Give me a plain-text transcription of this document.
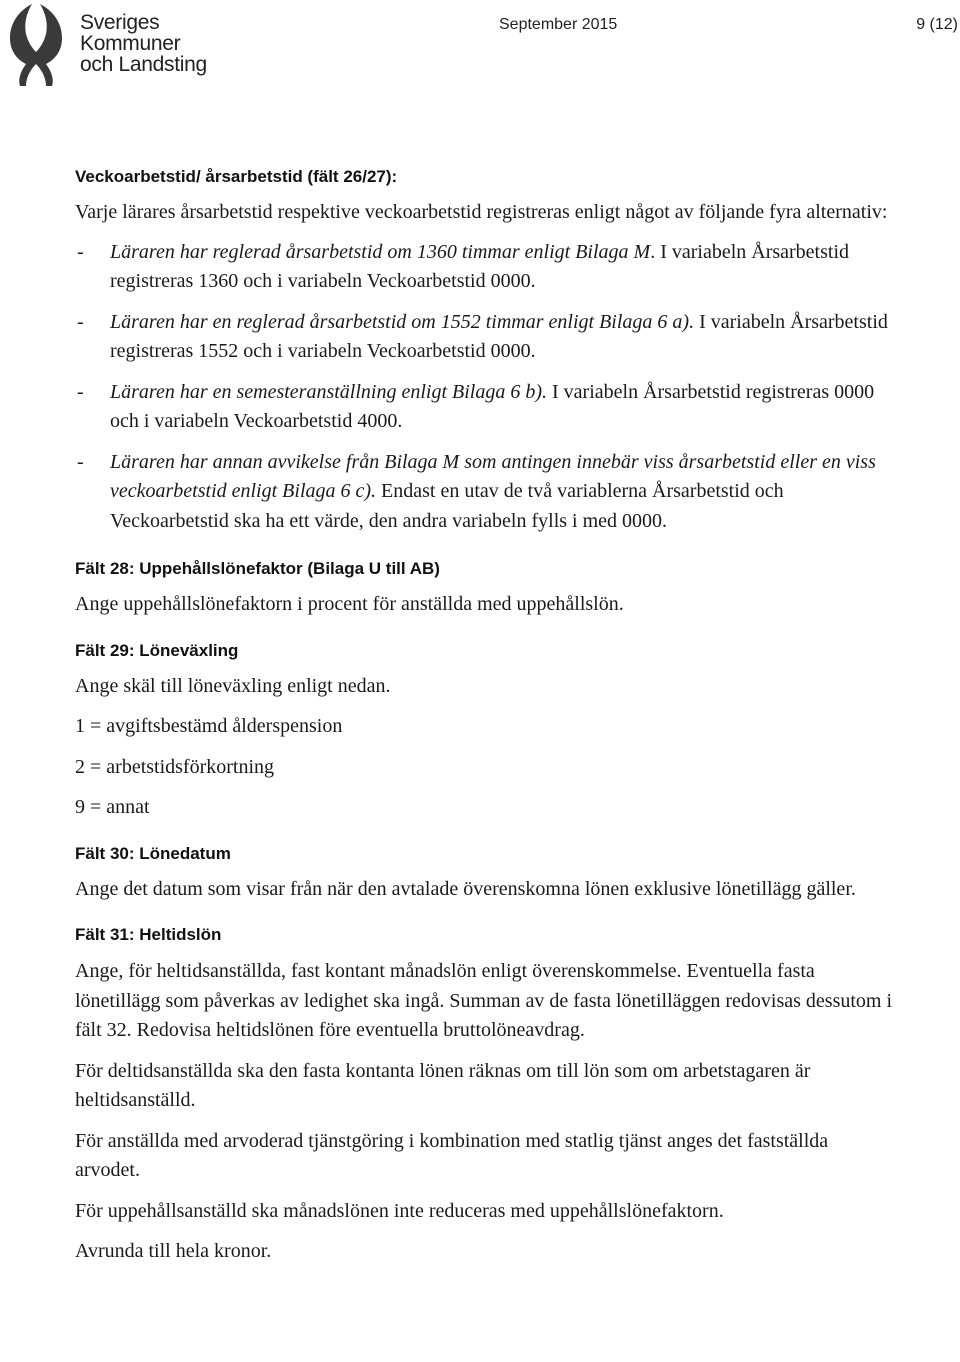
Sveriges
Kommuner
och Landsting
September 2015	9 (12)
Veckoarbetstid/ årsarbetstid (fält 26/27):

Varje lärares årsarbetstid respektive veckoarbetstid registreras enligt något av följande fyra alternativ:

- Läraren har reglerad årsarbetstid om 1360 timmar enligt Bilaga M. I variabeln Årsarbetstid registreras 1360 och i variabeln Veckoarbetstid 0000.
- Läraren har en reglerad årsarbetstid om 1552 timmar enligt Bilaga 6 a). I variabeln Årsarbetstid registreras 1552 och i variabeln Veckoarbetstid 0000.
- Läraren har en semesteranställning enligt Bilaga 6 b). I variabeln Årsarbetstid registreras 0000 och i variabeln Veckoarbetstid 4000.
- Läraren har annan avvikelse från Bilaga M som antingen innebär viss årsarbetstid eller en viss veckoarbetstid enligt Bilaga 6 c). Endast en utav de två variablerna Årsarbetstid och Veckoarbetstid ska ha ett värde, den andra variabeln fylls i med 0000.
Fält 28: Uppehållslönefaktor (Bilaga U till AB)

Ange uppehållslönefaktorn i procent för anställda med uppehållslön.

Fält 29: Löneväxling

Ange skäl till löneväxling enligt nedan.

1 = avgiftsbestämd ålderspension

2 = arbetstidsförkortning

9 = annat

Fält 30: Lönedatum

Ange det datum som visar från när den avtalade överenskomna lönen exklusive lönetillägg gäller.

Fält 31: Heltidslön

Ange, för heltidsanställda, fast kontant månadslön enligt överenskommelse. Eventuella fasta lönetillägg som påverkas av ledighet ska ingå. Summan av de fasta lönetilläggen redovisas dessutom i fält 32. Redovisa heltidslönen före eventuella bruttolöneavdrag.

För deltidsanställda ska den fasta kontanta lönen räknas om till lön som om arbetstagaren är heltidsanställd.

För anställda med arvoderad tjänstgöring i kombination med statlig tjänst anges det fastställda arvodet.

För uppehållsanställd ska månadslönen inte reduceras med uppehållslönefaktorn.

Avrunda till hela kronor.
